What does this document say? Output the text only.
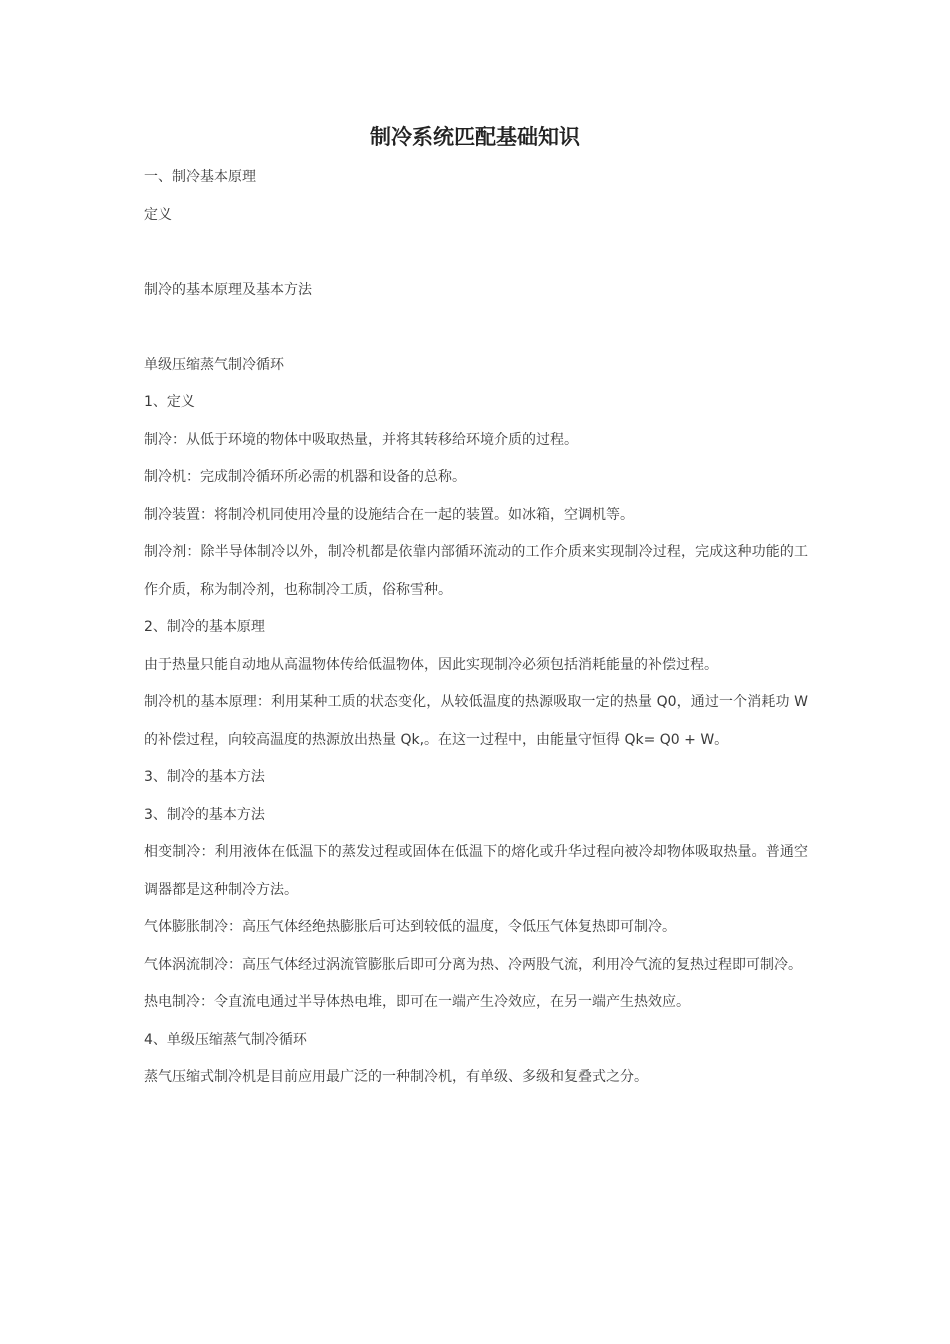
制冷系统匹配基础知识

一、制冷基本原理

定义

制冷的基本原理及基本方法

单级压缩蒸气制冷循环

1、定义

制冷：从低于环境的物体中吸取热量，并将其转移给环境介质的过程。

制冷机：完成制冷循环所必需的机器和设备的总称。

制冷装置：将制冷机同使用冷量的设施结合在一起的装置。如冰箱，空调机等。

制冷剂：除半导体制冷以外，制冷机都是依靠内部循环流动的工作介质来实现制冷过程，完成这种功能的工作介质，称为制冷剂，也称制冷工质，俗称雪种。

2、制冷的基本原理

由于热量只能自动地从高温物体传给低温物体，因此实现制冷必须包括消耗能量的补偿过程。

制冷机的基本原理：利用某种工质的状态变化，从较低温度的热源吸取一定的热量 Q0，通过一个消耗功 W 的补偿过程，向较高温度的热源放出热量 Qk,。在这一过程中，由能量守恒得 Qk= Q0 + W。

3、制冷的基本方法

3、制冷的基本方法

相变制冷：利用液体在低温下的蒸发过程或固体在低温下的熔化或升华过程向被冷却物体吸取热量。普通空调器都是这种制冷方法。

气体膨胀制冷：高压气体经绝热膨胀后可达到较低的温度，令低压气体复热即可制冷。

气体涡流制冷：高压气体经过涡流管膨胀后即可分离为热、冷两股气流，利用冷气流的复热过程即可制冷。

热电制冷：令直流电通过半导体热电堆，即可在一端产生冷效应，在另一端产生热效应。

4、单级压缩蒸气制冷循环

蒸气压缩式制冷机是目前应用最广泛的一种制冷机，有单级、多级和复叠式之分。
